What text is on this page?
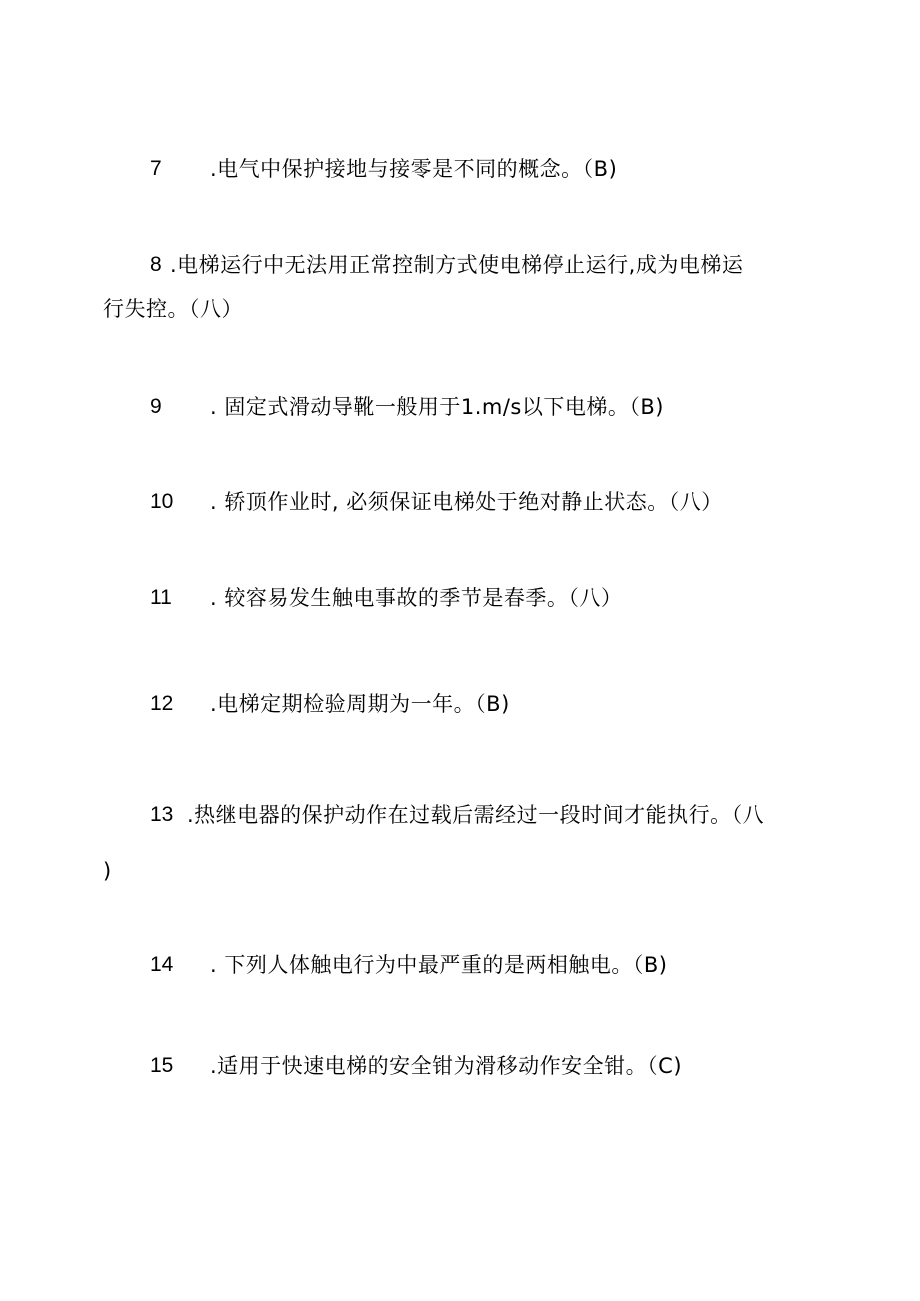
7 .电气中保护接地与接零是不同的概念。（B)
8 .电梯运行中无法用正常控制方式使电梯停止运行,成为电梯运
行失控。（八）
9 . 固定式滑动导靴一般用于1.m/s以下电梯。（B)
10 . 轿顶作业时, 必须保证电梯处于绝对静止状态。（八）
11 . 较容易发生触电事故的季节是春季。（八）
12 .电梯定期检验周期为一年。（B)
13 .热继电器的保护动作在过载后需经过一段时间才能执行。（八
)
14 . 下列人体触电行为中最严重的是两相触电。（B)
15 .适用于快速电梯的安全钳为滑移动作安全钳。（C)
